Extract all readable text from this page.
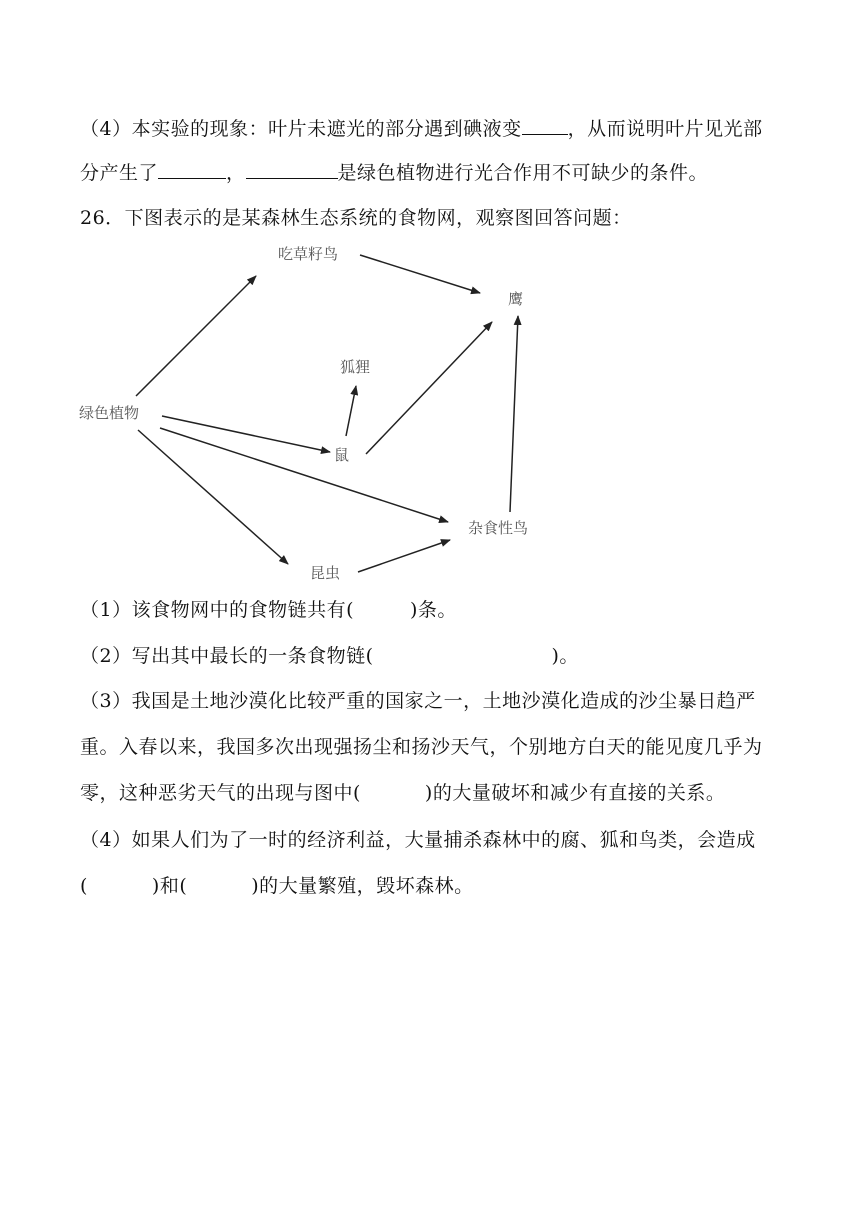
（4）本实验的现象：叶片未遮光的部分遇到碘液变 ，从而说明叶片见光部
分产生了	，	是绿色植物进行光合作用不可缺少的条件。
26．下图表示的是某森林生态系统的食物网，观察图回答问题：
吃草籽鸟
鹰
狐狸
绿色植物
鼠
杂食性鸟
昆虫
（1）该食物网中的食物链共有(	)条。
（2）写出其中最长的一条食物链(	)。
（3）我国是土地沙漠化比较严重的国家之一，土地沙漠化造成的沙尘暴日趋严
重。入春以来，我国多次出现强扬尘和扬沙天气，个别地方白天的能见度几乎为
零，这种恶劣天气的出现与图中(	)的大量破坏和减少有直接的关系。
（4）如果人们为了一时的经济利益，大量捕杀森林中的腐、狐和鸟类，会造成
(	)和(	)的大量繁殖，毁坏森林。
